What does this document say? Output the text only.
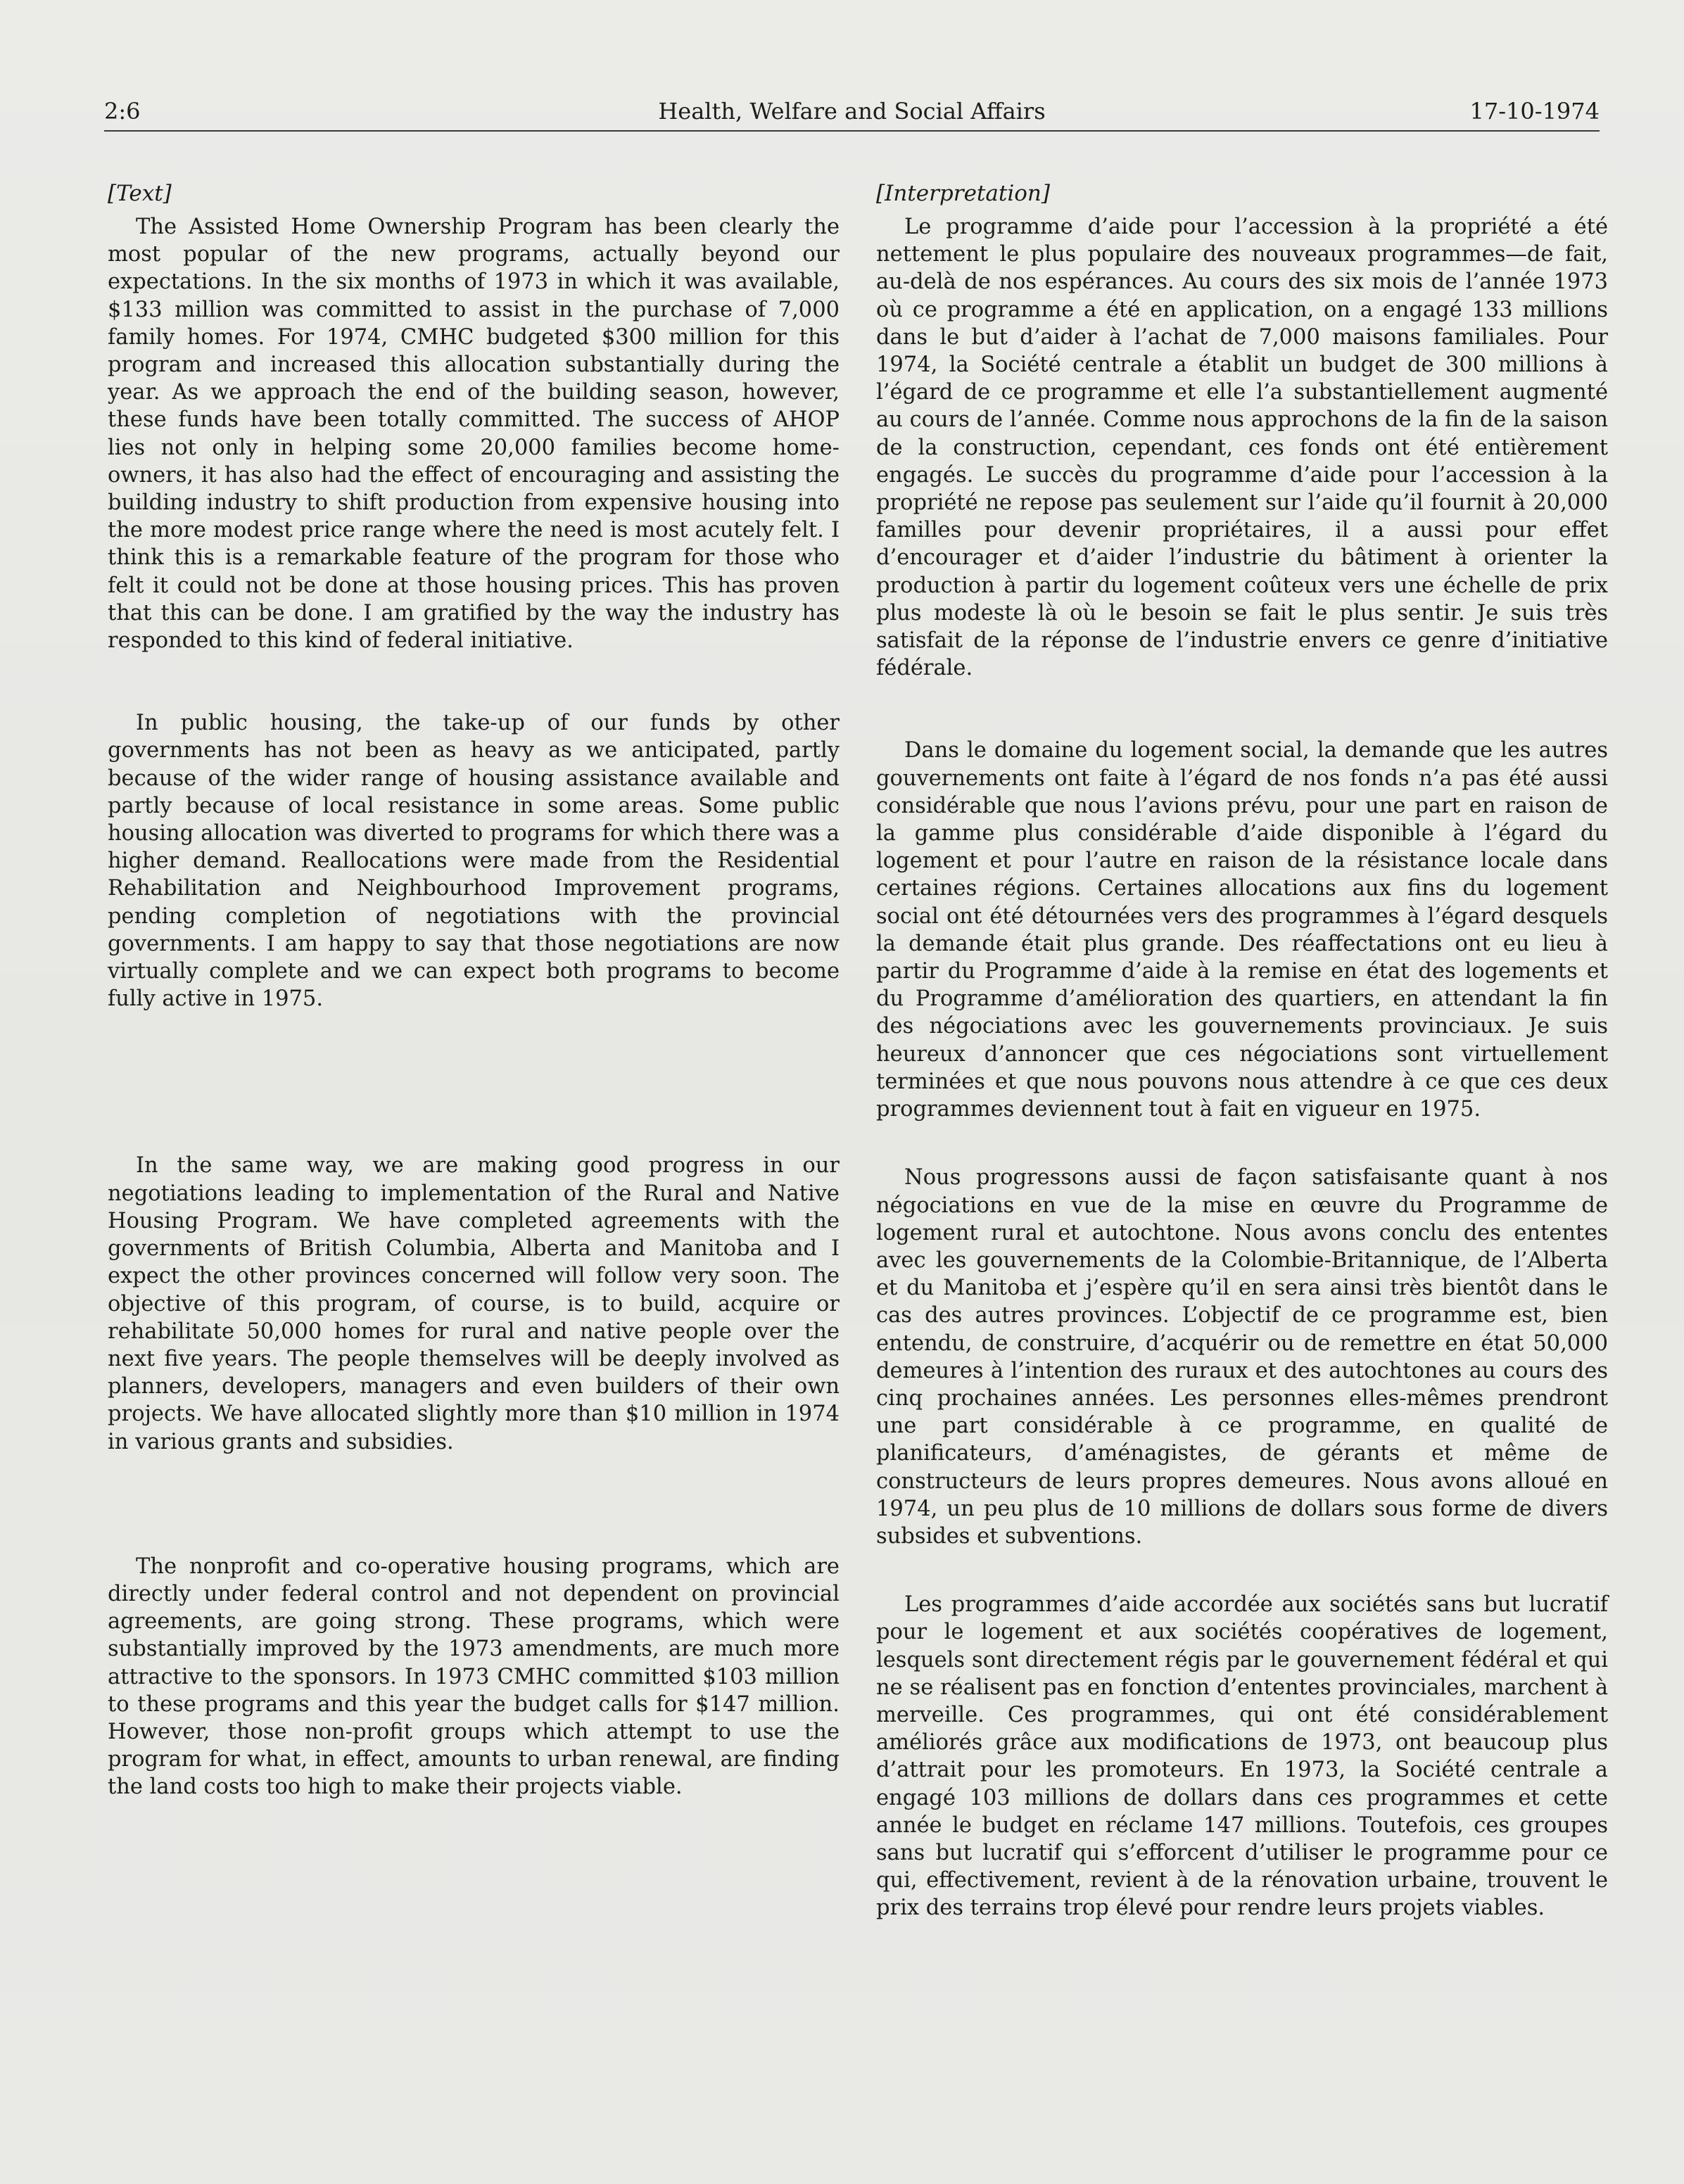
2:6	Health, Welfare and Social Affairs	17-10-1974

[Text]

The Assisted Home Ownership Program has been clearly the most popular of the new programs, actually beyond our expectations. In the six months of 1973 in which it was available, $133 million was committed to assist in the purchase of 7,000 family homes. For 1974, CMHC budgeted $300 million for this program and increased this allocation substantially during the year. As we approach the end of the building season, however, these funds have been totally committed. The success of AHOP lies not only in helping some 20,000 families become home-owners, it has also had the effect of encouraging and assisting the building industry to shift production from expensive housing into the more modest price range where the need is most acutely felt. I think this is a remarkable feature of the program for those who felt it could not be done at those housing prices. This has proven that this can be done. I am gratified by the way the industry has responded to this kind of federal initiative.

In public housing, the take-up of our funds by other governments has not been as heavy as we anticipated, partly because of the wider range of housing assistance available and partly because of local resistance in some areas. Some public housing allocation was diverted to programs for which there was a higher demand. Reallocations were made from the Residential Rehabilitation and Neighbourhood Improvement programs, pending completion of negotiations with the provincial governments. I am happy to say that those negotiations are now virtually complete and we can expect both programs to become fully active in 1975.

In the same way, we are making good progress in our negotiations leading to implementation of the Rural and Native Housing Program. We have completed agreements with the governments of British Columbia, Alberta and Manitoba and I expect the other provinces concerned will follow very soon. The objective of this program, of course, is to build, acquire or rehabilitate 50,000 homes for rural and native people over the next five years. The people themselves will be deeply involved as planners, developers, managers and even builders of their own projects. We have allocated slightly more than $10 million in 1974 in various grants and subsidies.

The nonprofit and co-operative housing programs, which are directly under federal control and not dependent on provincial agreements, are going strong. These programs, which were substantially improved by the 1973 amendments, are much more attractive to the sponsors. In 1973 CMHC committed $103 million to these programs and this year the budget calls for $147 million. However, those non-profit groups which attempt to use the program for what, in effect, amounts to urban renewal, are finding the land costs too high to make their projects viable.

[Interpretation]

Le programme d’aide pour l’accession à la propriété a été nettement le plus populaire des nouveaux programmes—de fait, au-delà de nos espérances. Au cours des six mois de l’année 1973 où ce programme a été en application, on a engagé 133 millions dans le but d’aider à l’achat de 7,000 maisons familiales. Pour 1974, la Société centrale a établit un budget de 300 millions à l’égard de ce programme et elle l’a substantiellement augmenté au cours de l’année. Comme nous approchons de la fin de la saison de la construction, cependant, ces fonds ont été entièrement engagés. Le succès du programme d’aide pour l’accession à la propriété ne repose pas seulement sur l’aide qu’il fournit à 20,000 familles pour devenir propriétaires, il a aussi pour effet d’encourager et d’aider l’industrie du bâtiment à orienter la production à partir du logement coûteux vers une échelle de prix plus modeste là où le besoin se fait le plus sentir. Je suis très satisfait de la réponse de l’industrie envers ce genre d’initiative fédérale.

Dans le domaine du logement social, la demande que les autres gouvernements ont faite à l’égard de nos fonds n’a pas été aussi considérable que nous l’avions prévu, pour une part en raison de la gamme plus considérable d’aide disponible à l’égard du logement et pour l’autre en raison de la résistance locale dans certaines régions. Certaines allocations aux fins du logement social ont été détournées vers des programmes à l’égard desquels la demande était plus grande. Des réaffectations ont eu lieu à partir du Programme d’aide à la remise en état des logements et du Programme d’amélioration des quartiers, en attendant la fin des négociations avec les gouvernements provinciaux. Je suis heureux d’annoncer que ces négociations sont virtuellement terminées et que nous pouvons nous attendre à ce que ces deux programmes deviennent tout à fait en vigueur en 1975.

Nous progressons aussi de façon satisfaisante quant à nos négociations en vue de la mise en œuvre du Programme de logement rural et autochtone. Nous avons conclu des ententes avec les gouvernements de la Colombie-Britannique, de l’Alberta et du Manitoba et j’espère qu’il en sera ainsi très bientôt dans le cas des autres provinces. L’objectif de ce programme est, bien entendu, de construire, d’acquérir ou de remettre en état 50,000 demeures à l’intention des ruraux et des autochtones au cours des cinq prochaines années. Les personnes elles-mêmes prendront une part considérable à ce programme, en qualité de planificateurs, d’aménagistes, de gérants et même de constructeurs de leurs propres demeures. Nous avons alloué en 1974, un peu plus de 10 millions de dollars sous forme de divers subsides et subventions.

Les programmes d’aide accordée aux sociétés sans but lucratif pour le logement et aux sociétés coopératives de logement, lesquels sont directement régis par le gouvernement fédéral et qui ne se réalisent pas en fonction d’ententes provinciales, marchent à merveille. Ces programmes, qui ont été considérablement améliorés grâce aux modifications de 1973, ont beaucoup plus d’attrait pour les promoteurs. En 1973, la Société centrale a engagé 103 millions de dollars dans ces programmes et cette année le budget en réclame 147 millions. Toutefois, ces groupes sans but lucratif qui s’efforcent d’utiliser le programme pour ce qui, effectivement, revient à de la rénovation urbaine, trouvent le prix des terrains trop élevé pour rendre leurs projets viables.
